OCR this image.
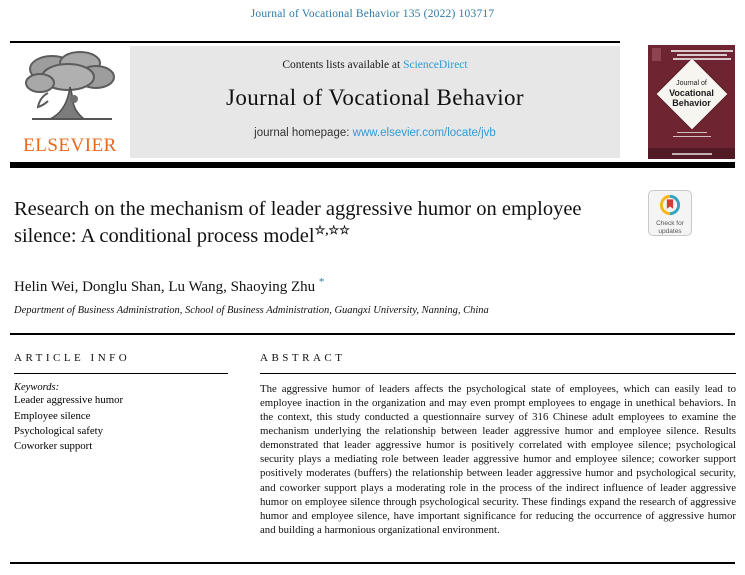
Journal of Vocational Behavior 135 (2022) 103717
ELSEVIER
Contents lists available at ScienceDirect
Journal of Vocational Behavior
journal homepage: www.elsevier.com/locate/jvb
Journal of
Vocational
Behavior
Research on the mechanism of leader aggressive humor on employee silence: A conditional process model☆,☆☆	Check for
updates
Helin Wei, Donglu Shan, Lu Wang, Shaoying Zhu *
Department of Business Administration, School of Business Administration, Guangxi University, Nanning, China
ARTICLE INFO
Keywords:
Leader aggressive humor
Employee silence
Psychological safety
Coworker support
ABSTRACT
The aggressive humor of leaders affects the psychological state of employees, which can easily lead to employee inaction in the organization and may even prompt employees to engage in unethical behaviors. In the context, this study conducted a questionnaire survey of 316 Chinese adult employees to examine the mechanism underlying the relationship between leader aggressive humor and employee silence. Results demonstrated that leader aggressive humor is positively correlated with employee silence; psychological security plays a mediating role between leader aggressive humor and employee silence; coworker support positively moderates (buffers) the relationship between leader aggressive humor and psychological security, and coworker support plays a moderating role in the process of the indirect influence of leader aggressive humor on employee silence through psychological security. These findings expand the research of aggressive humor and employee silence, have important significance for reducing the occurrence of aggressive humor and building a harmonious organizational environment.
